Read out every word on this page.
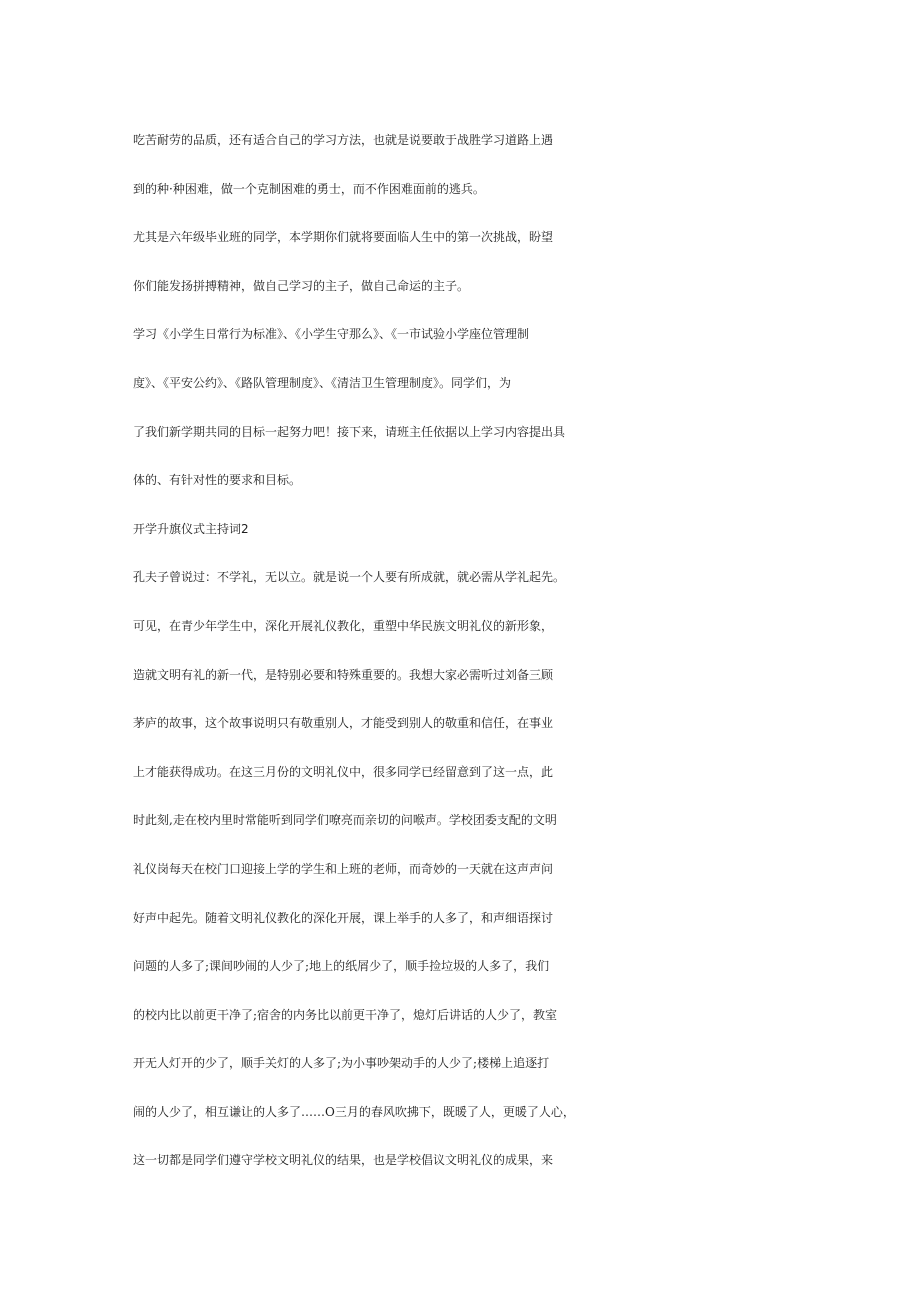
吃苦耐劳的品质，还有适合自己的学习方法，也就是说要敢于战胜学习道路上遇
到的种·种困难，做一个克制困难的勇士，而不作困难面前的逃兵。
尤其是六年级毕业班的同学，本学期你们就将要面临人生中的第一次挑战，盼望
你们能发扬拼搏精神，做自己学习的主子，做自己命运的主子。
学习《小学生日常行为标准》、《小学生守那么》、《一市试验小学座位管理制
度》、《平安公约》、《路队管理制度》、《清洁卫生管理制度》。同学们，为
了我们新学期共同的目标一起努力吧！接下来，请班主任依据以上学习内容提出具
体的、有针对性的要求和目标。
开学升旗仪式主持词2
孔夫子曾说过：不学礼，无以立。就是说一个人要有所成就，就必需从学礼起先。
可见，在青少年学生中，深化开展礼仪教化，重塑中华民族文明礼仪的新形象，
造就文明有礼的新一代，是特别必要和特殊重要的。我想大家必需听过刘备三顾
茅庐的故事，这个故事说明只有敬重别人，才能受到别人的敬重和信任，在事业
上才能获得成功。在这三月份的文明礼仪中，很多同学已经留意到了这一点，此
时此刻,走在校内里时常能听到同学们嘹亮而亲切的问喉声。学校团委支配的文明
礼仪岗每天在校门口迎接上学的学生和上班的老师，而奇妙的一天就在这声声问
好声中起先。随着文明礼仪教化的深化开展，课上举手的人多了，和声细语探讨
问题的人多了;课间吵闹的人少了;地上的纸屑少了，顺手捡垃圾的人多了，我们
的校内比以前更干净了;宿舍的内务比以前更干净了，熄灯后讲话的人少了，教室
开无人灯开的少了，顺手关灯的人多了;为小事吵架动手的人少了;楼梯上追逐打
闹的人少了，相互谦让的人多了……O三月的春风吹拂下，既暖了人，更暖了人心，
这一切都是同学们遵守学校文明礼仪的结果，也是学校倡议文明礼仪的成果，来
